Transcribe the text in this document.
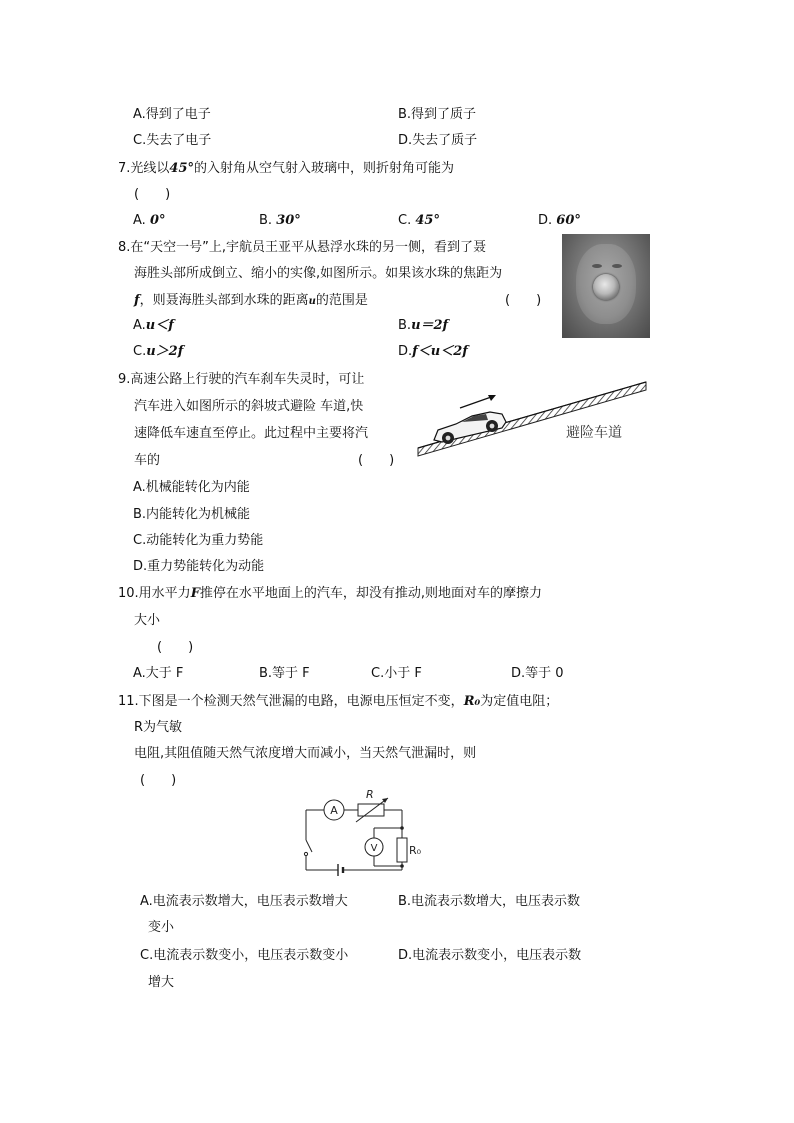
A.得到了电子	B.得到了质子
C.失去了电子	D.失去了质子
7.光线以45°的入射角从空气射入玻璃中，则折射角可能为
(　　)
A. 0°	B. 30°	C. 45°	D. 60°
8.在“天空一号”上,宇航员王亚平从悬浮水珠的另一侧，看到了聂
海胜头部所成倒立、缩小的实像,如图所示。如果该水珠的焦距为
f，则聂海胜头部到水珠的距离u的范围是	(　　)
A.u＜f	B.u＝2f
C.u＞2f	D.f＜u＜2f
9.高速公路上行驶的汽车刹车失灵时，可让
汽车进入如图所示的斜坡式避险 车道,快
速降低车速直至停止。此过程中主要将汽
车的	(　　)
避险车道
A.机械能转化为内能
B.内能转化为机械能
C.动能转化为重力势能
D.重力势能转化为动能
10.用水平力F推停在水平地面上的汽车，却没有推动,则地面对车的摩擦力
大小
(　　)
A.大于 F	B.等于 F	C.小于 F	D.等于 0
11.下图是一个检测天然气泄漏的电路，电源电压恒定不变，R₀为定值电阻；
R为气敏
电阻,其阻值随天然气浓度增大而减小，当天然气泄漏时，则
(　　)
A
R
R₀
V
A.电流表示数增大，电压表示数增大	B.电流表示数增大，电压表示数
变小
C.电流表示数变小，电压表示数变小	D.电流表示数变小，电压表示数
增大
